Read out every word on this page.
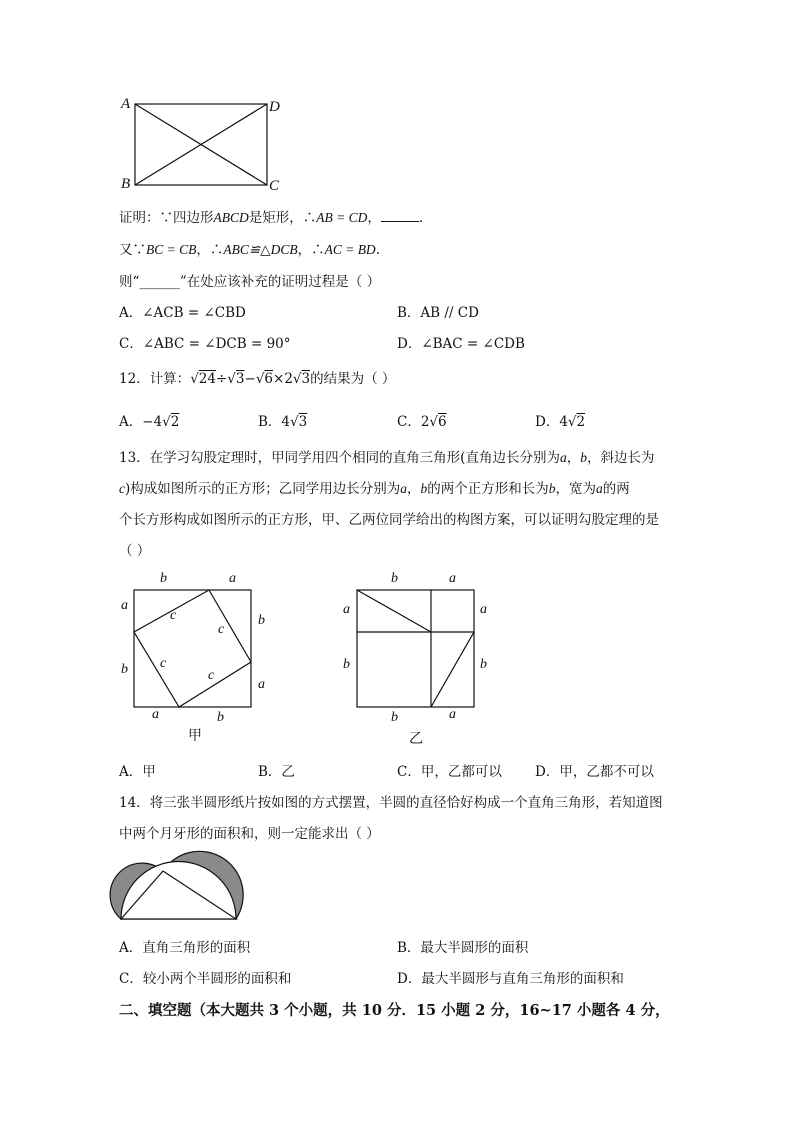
A	D
B	C
证明：∵四边形ABCD是矩形，∴AB = CD，	.
又∵BC = CB，∴ABC≌△DCB，∴AC = BD.
则“______”在处应该补充的证明过程是（ ）
A．∠ACB = ∠CBD	B．AB // CD
C．∠ABC = ∠DCB = 90°	D．∠BAC = ∠CDB
12．计算：√24÷√3−√6×2√3的结果为（ ）
A．−4√2	B．4√3	C．2√6	D．4√2
13．在学习勾股定理时，甲同学用四个相同的直角三角形(直角边长分别为a，b，斜边长为
c)构成如图所示的正方形；乙同学用边长分别为a，b的两个正方形和长为b，宽为a的两
个长方形构成如图所示的正方形，甲、乙两位同学给出的构图方案，可以证明勾股定理的是
（ ）
b	a
a
b
b
a
a	b
c
c
c
c
甲
b	a
a
b
a
b
b	a
乙
A．甲	B．乙	C．甲，乙都可以 D．甲，乙都不可以
14．将三张半圆形纸片按如图的方式摆置，半圆的直径恰好构成一个直角三角形，若知道图
中两个月牙形的面积和，则一定能求出（ ）
A．直角三角形的面积	B．最大半圆形的面积
C．较小两个半圆形的面积和	D．最大半圆形与直角三角形的面积和
二、填空题（本大题共 3 个小题，共 10 分．15 小题 2 分，16~17 小题各 4 分，
